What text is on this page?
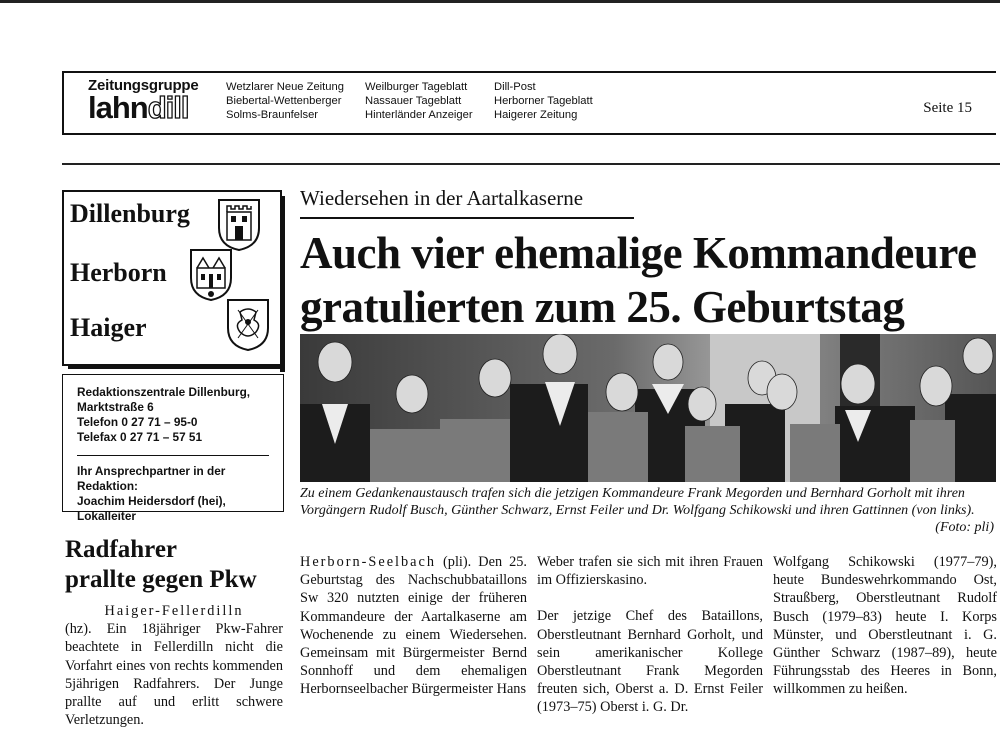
Zeitungsgruppe
lahndill
Wetzlarer Neue Zeitung
Biebertal-Wettenberger
Solms-Braunfelser
Weilburger Tageblatt
Nassauer Tageblatt
Hinterländer Anzeiger
Dill-Post
Herborner Tageblatt
Haigerer Zeitung	Seite 15
Dillenburg
Herborn
Haiger
Redaktionszentrale Dillenburg,
Marktstraße 6
Telefon 0 27 71 – 95-0
Telefax 0 27 71 – 57 51
Ihr Ansprechpartner in der Redaktion:
Joachim Heidersdorf (hei), Lokalleiter
Wiedersehen in der Aartalkaserne
Auch vier ehemalige Kommandeure
gratulierten zum 25. Geburtstag
Zu einem Gedankenaustausch trafen sich die jetzigen Kommandeure Frank Megorden und Bernhard Gorholt mit ihren Vorgängern Rudolf Busch, Günther Schwarz, Ernst Feiler und Dr. Wolfgang Schikowski und ihren Gattinnen (von links).
(Foto: pli)
Herborn-Seelbach (pli). Den 25. Geburtstag des Nachschubbataillons Sw 320 nutzten einige der früheren Kommandeure der Aartalkaserne am Wochenende zu einem Wiedersehen. Gemeinsam mit Bürgermeister Bernd Sonnhoff und dem ehemaligen Herbornseelbacher Bürgermeister Hans
Weber trafen sie sich mit ihren Frauen im Offizierskasino.
Der jetzige Chef des Bataillons, Oberstleutnant Bernhard Gorholt, und sein amerikanischer Kollege Oberstleutnant Frank Megorden freuten sich, Oberst a. D. Ernst Feiler (1973–75) Oberst i. G. Dr.
Wolfgang Schikowski (1977–79), heute Bundeswehrkommando Ost, Straußberg, Oberstleutnant Rudolf Busch (1979–83) heute I. Korps Münster, und Oberstleutnant i. G. Günther Schwarz (1987–89), heute Führungsstab des Heeres in Bonn, willkommen zu heißen.
Radfahrer
prallte gegen Pkw
Haiger-Fellerdilln
(hz). Ein 18jähriger Pkw-Fahrer beachtete in Fellerdilln nicht die Vorfahrt eines von rechts kommenden 5jährigen Radfahrers. Der Junge prallte auf und erlitt schwere Verletzungen.
